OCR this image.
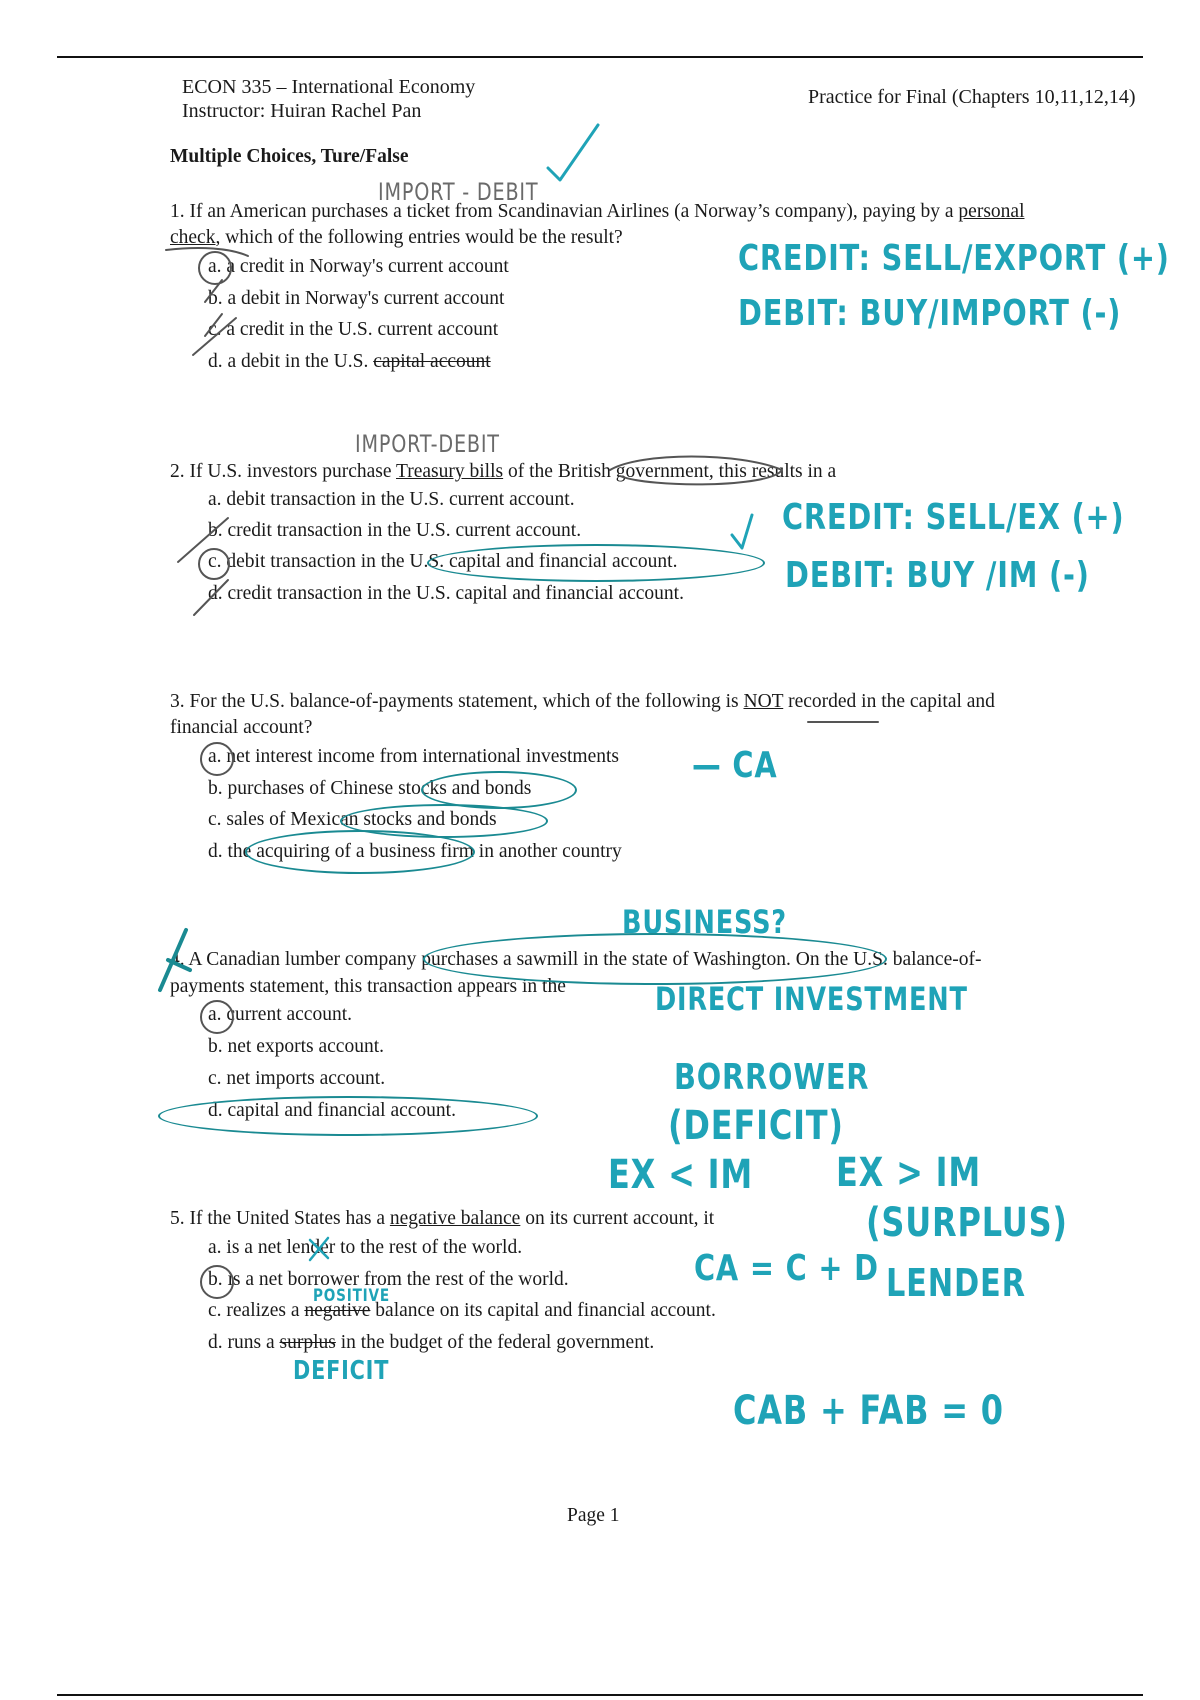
ECON 335 – International Economy
Instructor: Huiran Rachel Pan
Practice for Final (Chapters 10,11,12,14)
Multiple Choices, Ture/False
1. If an American purchases a ticket from Scandinavian Airlines (a Norway’s company), paying by a personal
check, which of the following entries would be the result?
a. a credit in Norway's current account
b. a debit in Norway's current account
c. a credit in the U.S. current account
d. a debit in the U.S. capital account
2. If U.S. investors purchase Treasury bills of the British government, this results in a
a. debit transaction in the U.S. current account.
b. credit transaction in the U.S. current account.
c. debit transaction in the U.S. capital and financial account.
d. credit transaction in the U.S. capital and financial account.
3. For the U.S. balance-of-payments statement, which of the following is NOT recorded in the capital and
financial account?
a. net interest income from international investments
b. purchases of Chinese stocks and bonds
c. sales of Mexican stocks and bonds
d. the acquiring of a business firm in another country
4. A Canadian lumber company purchases a sawmill in the state of Washington. On the U.S. balance-of-
payments statement, this transaction appears in the
a. current account.
b. net exports account.
c. net imports account.
d. capital and financial account.
5. If the United States has a negative balance on its current account, it
a. is a net lender to the rest of the world.
b. is a net borrower from the rest of the world.
c. realizes a negative balance on its capital and financial account.
d. runs a surplus in the budget of the federal government.
Page 1
IMPORT - DEBIT
CREDIT: SELL/EXPORT (+)
DEBIT: BUY/IMPORT (-)
IMPORT-DEBIT
CREDIT: SELL/EX (+)
DEBIT: BUY /IM (-)
— CA
BUSINESS?
DIRECT INVESTMENT
BORROWER
(DEFICIT)
EX < IM EX > IM
(SURPLUS)
LENDER
CA = C + D
POSITIVE
DEFICIT
CAB + FAB = 0
